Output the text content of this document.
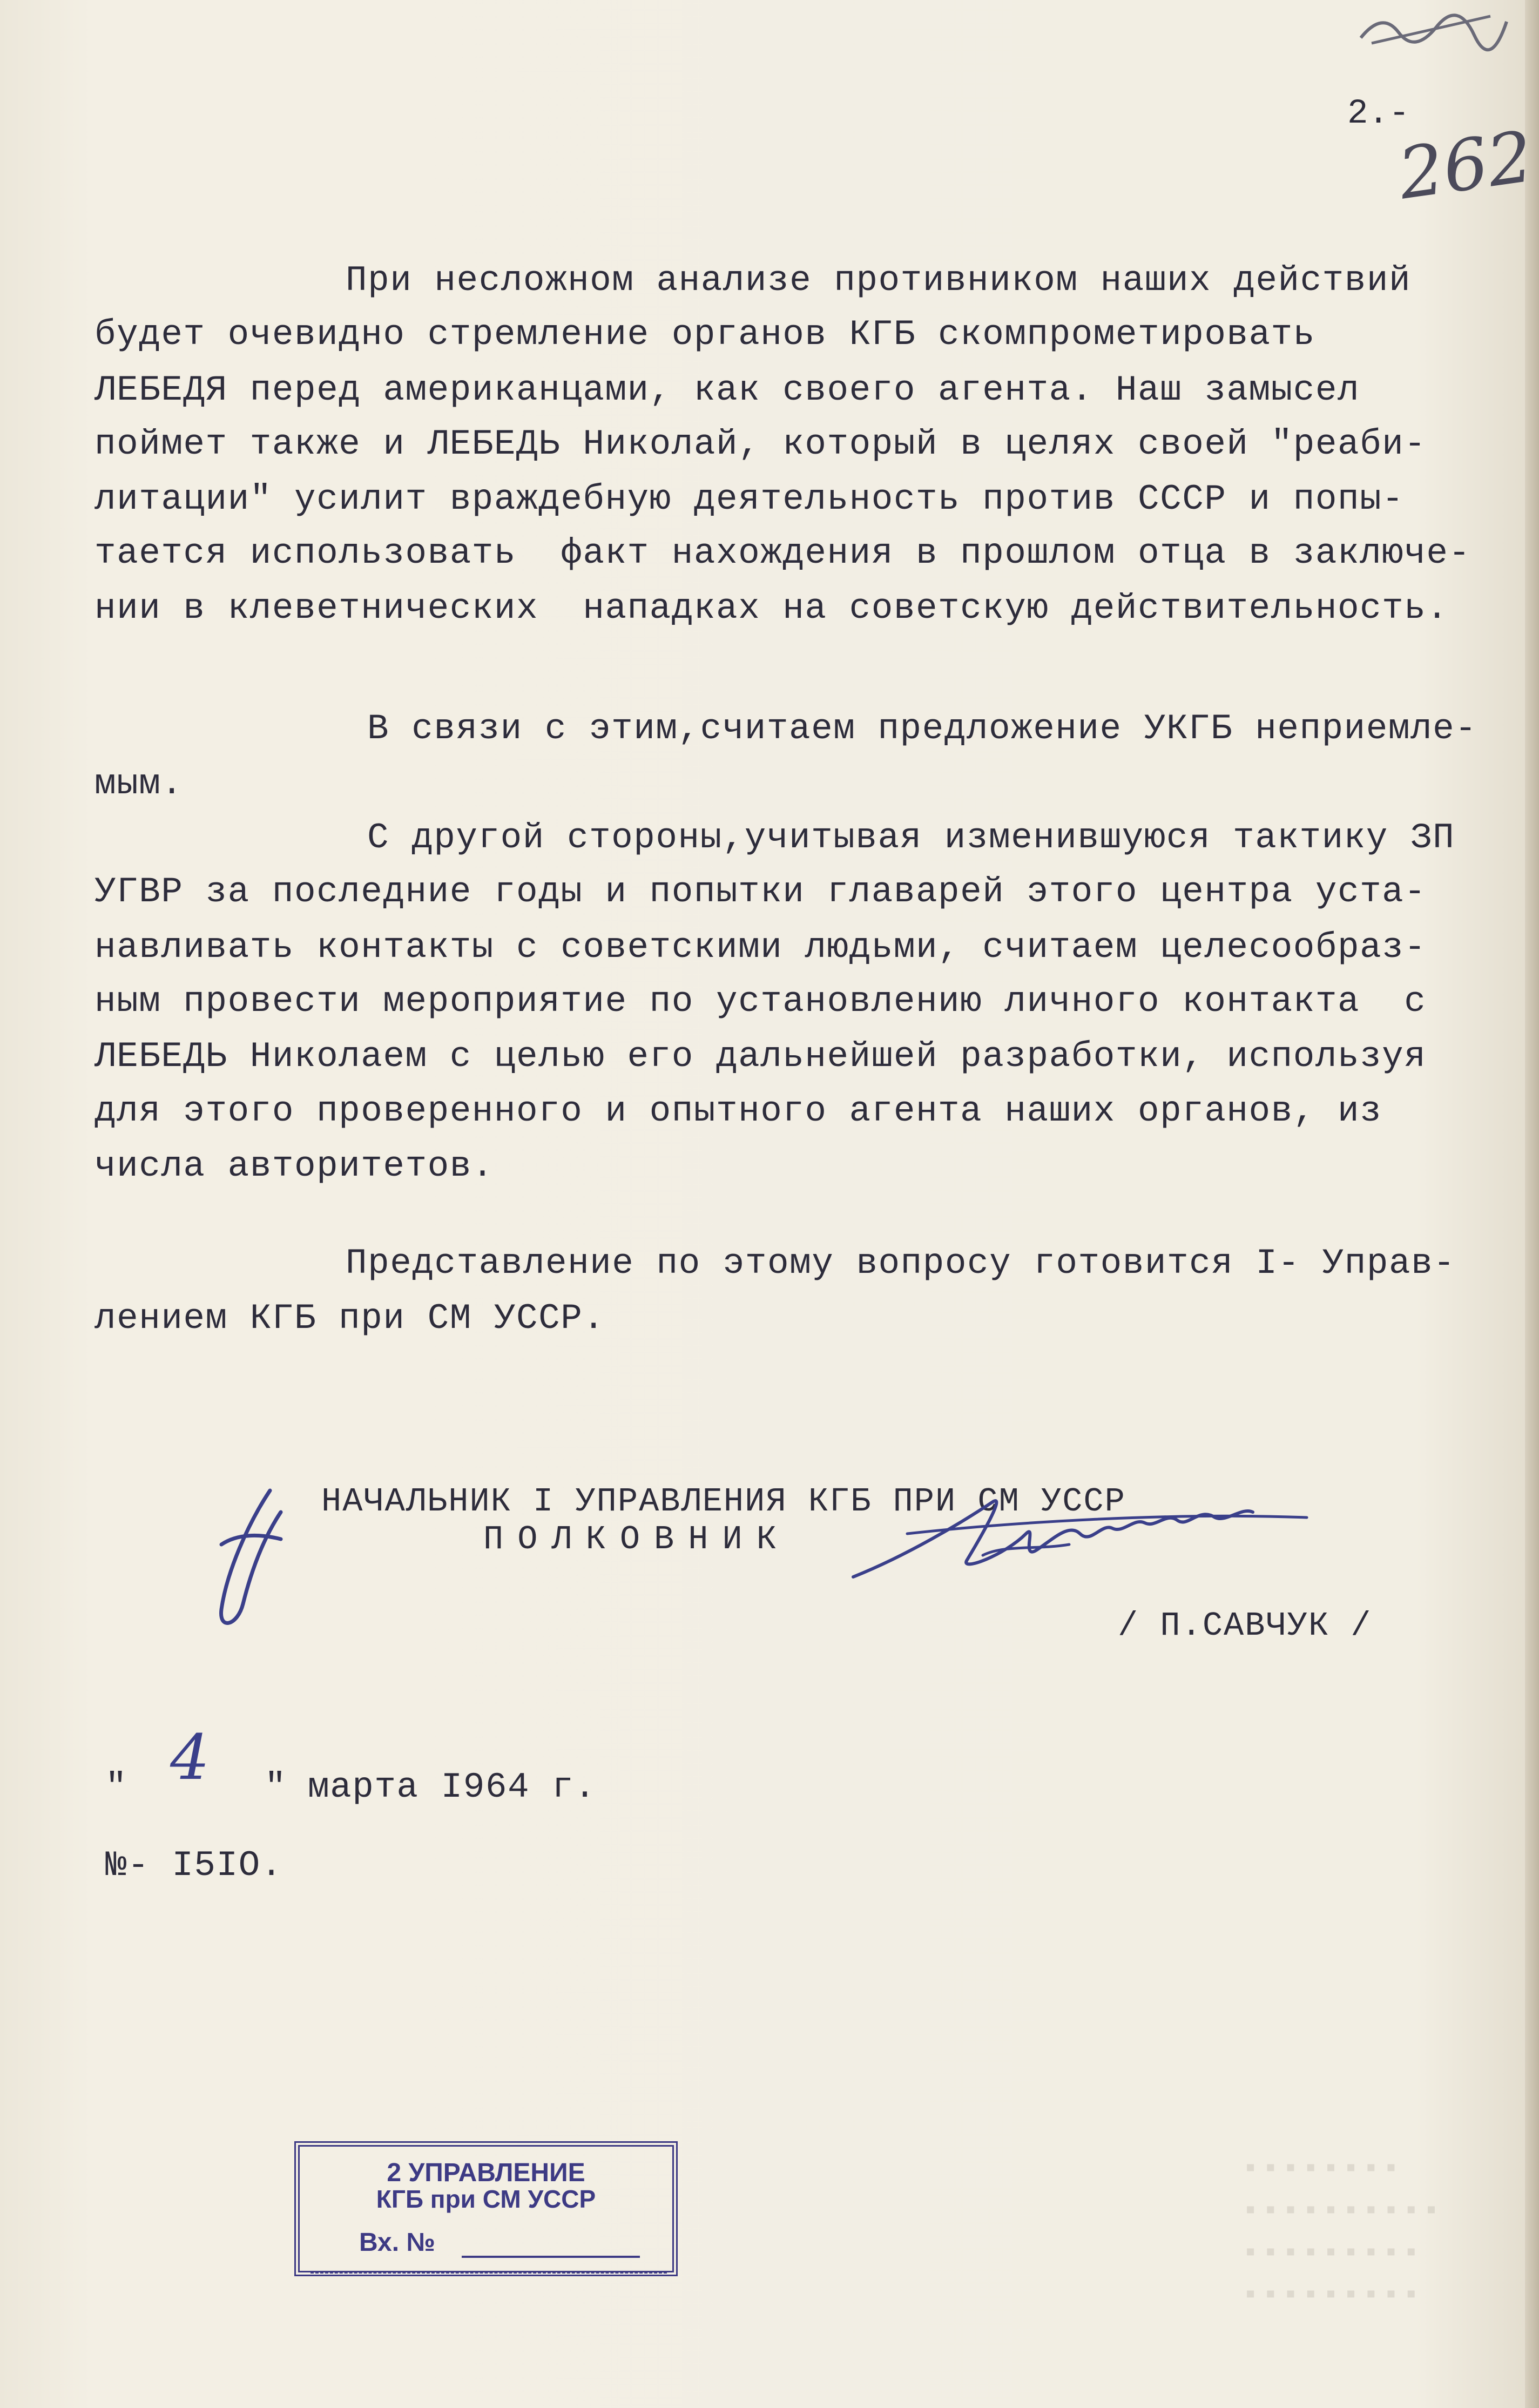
2.-
262
При несложном анализе противником наших действий
будет очевидно стремление органов КГБ скомпрометировать
ЛЕБЕДЯ перед американцами, как своего агента. Наш замысел
поймет также и ЛЕБЕДЬ Николай, который в целях своей "реаби-
литации" усилит враждебную деятельность против СССР и попы-
тается использовать  факт нахождения в прошлом отца в заключе-
нии в клеветнических  нападках на советскую действительность.
В связи с этим,считаем предложение УКГБ неприемле-
мым.
С другой стороны,учитывая изменившуюся тактику ЗП
УГВР за последние годы и попытки главарей этого центра уста-
навливать контакты с советскими людьми, считаем целесообраз-
ным провести мероприятие по установлению личного контакта  с
ЛЕБЕДЬ Николаем с целью его дальнейшей разработки, используя
для этого проверенного и опытного агента наших органов, из
числа авторитетов.
Представление по этому вопросу готовится I- Управ-
лением КГБ при СМ УССР.
НАЧАЛЬНИК I УПРАВЛЕНИЯ КГБ ПРИ СМ УССР
ПОЛКОВНИК
/ П.САВЧУК /
" 4 " марта I964 г.
№- I5IO.

▪▪▪▪▪▪▪▪
▪▪▪▪▪▪▪▪▪▪
▪▪▪▪▪▪▪▪▪
▪▪▪▪▪▪▪▪▪
2 УПРАВЛЕНИЕ
КГБ при СМ УССР
Вх. №
